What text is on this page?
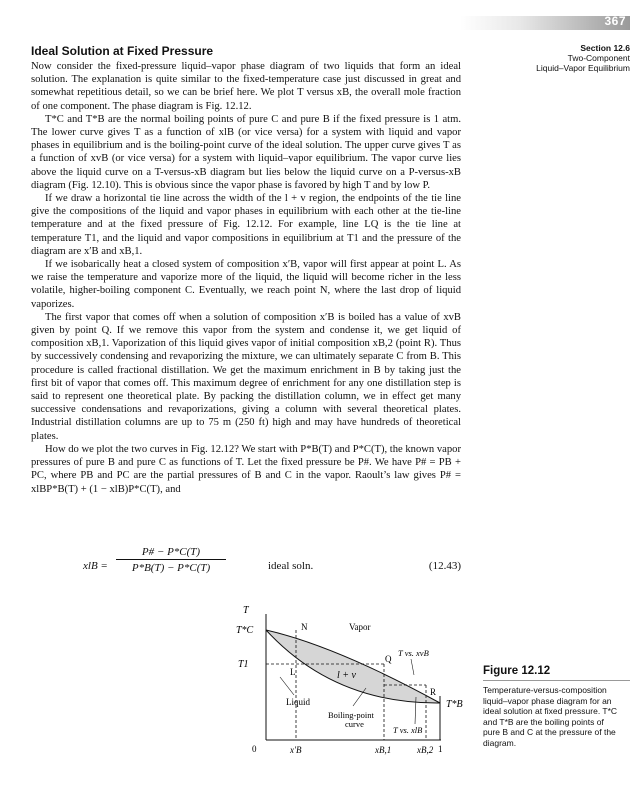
367
Section 12.6
Two-Component
Liquid–Vapor Equilibrium
Ideal Solution at Fixed Pressure

Now consider the fixed-pressure liquid–vapor phase diagram of two liquids that form an ideal solution. The explanation is quite similar to the fixed-temperature case just discussed in great and somewhat repetitious detail, so we can be brief here. We plot T versus xB, the overall mole fraction of one component. The phase diagram is Fig. 12.12.

T*C and T*B are the normal boiling points of pure C and pure B if the fixed pressure is 1 atm. The lower curve gives T as a function of xlB (or vice versa) for a system with liquid and vapor phases in equilibrium and is the boiling-point curve of the ideal solution. The upper curve gives T as a function of xvB (or vice versa) for a system with liquid–vapor equilibrium. The vapor curve lies above the liquid curve on a T-versus-xB diagram but lies below the liquid curve on a P-versus-xB diagram (Fig. 12.10). This is obvious since the vapor phase is favored by high T and by low P.

If we draw a horizontal tie line across the width of the l + v region, the endpoints of the tie line give the compositions of the liquid and vapor phases in equilibrium with each other at the tie-line temperature and at the fixed pressure of Fig. 12.12. For example, line LQ is the tie line at temperature T1, and the liquid and vapor compositions in equilibrium at T1 and the pressure of the diagram are x′B and xB,1.

If we isobarically heat a closed system of composition x′B, vapor will first appear at point L. As we raise the temperature and vaporize more of the liquid, the liquid will become richer in the less volatile, higher-boiling component C. Eventually, we reach point N, where the last drop of liquid vaporizes.

The first vapor that comes off when a solution of composition x′B is boiled has a value of xvB given by point Q. If we remove this vapor from the system and condense it, we get liquid of composition xB,1. Vaporization of this liquid gives vapor of initial composition xB,2 (point R). Thus by successively condensing and revaporizing the mixture, we can ultimately separate C from B. This procedure is called fractional distillation. We get the maximum enrichment in B by taking just the first bit of vapor that comes off. This maximum degree of enrichment for any one distillation step is said to represent one theoretical plate. By packing the distillation column, we in effect get many successive condensations and revaporizations, giving a column with several theoretical plates. Industrial distillation columns are up to 75 m (250 ft) high and may have hundreds of theoretical plates.

How do we plot the two curves in Fig. 12.12? We start with P*B(T) and P*C(T), the known vapor pressures of pure B and pure C as functions of T. Let the fixed pressure be P#. We have P# = PB + PC, where PB and PC are the partial pressures of B and C in the vapor. Raoult’s law gives P# = xlBP*B(T) + (1 − xlB)P*C(T), and

xlB = $\frac{P\# - P*C(T)}{P*B(T) - P*C(T)}$	ideal soln.	(12.43)
T
T*C
T1
T*B
0	x′B	xB,1	xB,2 1
N
L
Q
R
Vapor
l + v
Liquid
Boiling-point
curve
T vs. xvB
T vs. xlB
Figure 12.12
Temperature-versus-composition
liquid–vapor phase diagram for an
ideal solution at fixed pressure. T*C
and T*B are the boiling points of
pure B and C at the pressure of the
diagram.
